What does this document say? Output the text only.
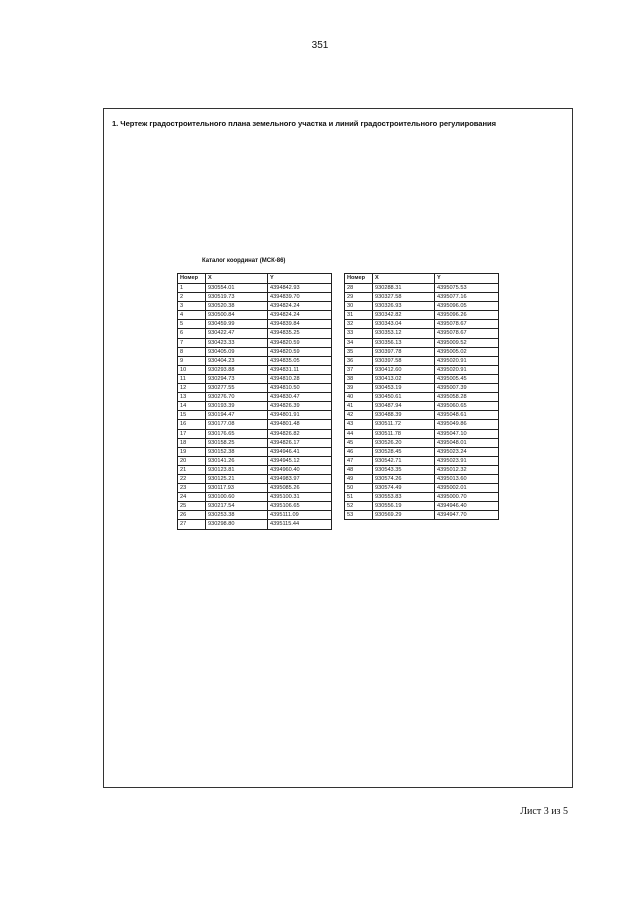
351
1. Чертеж градостроительного плана земельного участка и линий градостроительного регулирования
Каталог координат (МСК-86)
Номер	X	Y
1	930554.01	4394842.93
2	930519.73	4394839.70
3	930520.38	4394824.24
4	930500.84	4394824.24
5	930459.99	4394839.84
6	930422.47	4394835.25
7	930423.33	4394820.59
8	930405.09	4394820.59
9	930404.23	4394835.05
10	930293.88	4394831.11
11	930294.73	4394810.28
12	930277.55	4394810.50
13	930276.70	4394830.47
14	930193.39	4394826.39
15	930194.47	4394801.91
16	930177.08	4394801.48
17	930176.65	4394826.82
18	930158.25	4394826.17
19	930152.38	4394946.41
20	930141.26	4394945.12
21	930123.81	4394960.40
22	930125.21	4394983.97
23	930117.93	4395085.26
24	930100.60	4395100.31
25	930217.54	4395106.65
26	930253.38	4395111.09
27	930298.80	4395115.44
Номер	X	Y
28	930288.31	4395075.53
29	930327.58	4395077.16
30	930326.93	4395096.05
31	930342.82	4395096.26
32	930343.04	4395078.67
33	930353.12	4395078.67
34	930356.13	4395009.52
35	930397.78	4395005.02
36	930397.58	4395020.91
37	930412.60	4395020.91
38	930413.02	4395005.45
39	930453.19	4395007.39
40	930450.61	4395058.28
41	930487.94	4395060.65
42	930488.39	4395048.61
43	930511.72	4395049.86
44	930511.78	4395047.10
45	930526.20	4395048.01
46	930528.45	4395023.24
47	930542.71	4395023.91
48	930543.35	4395012.32
49	930574.26	4395013.60
50	930574.49	4395002.01
51	930553.83	4395000.70
52	930556.19	4394946.40
53	930569.29	4394947.70
Лист 3 из 5
